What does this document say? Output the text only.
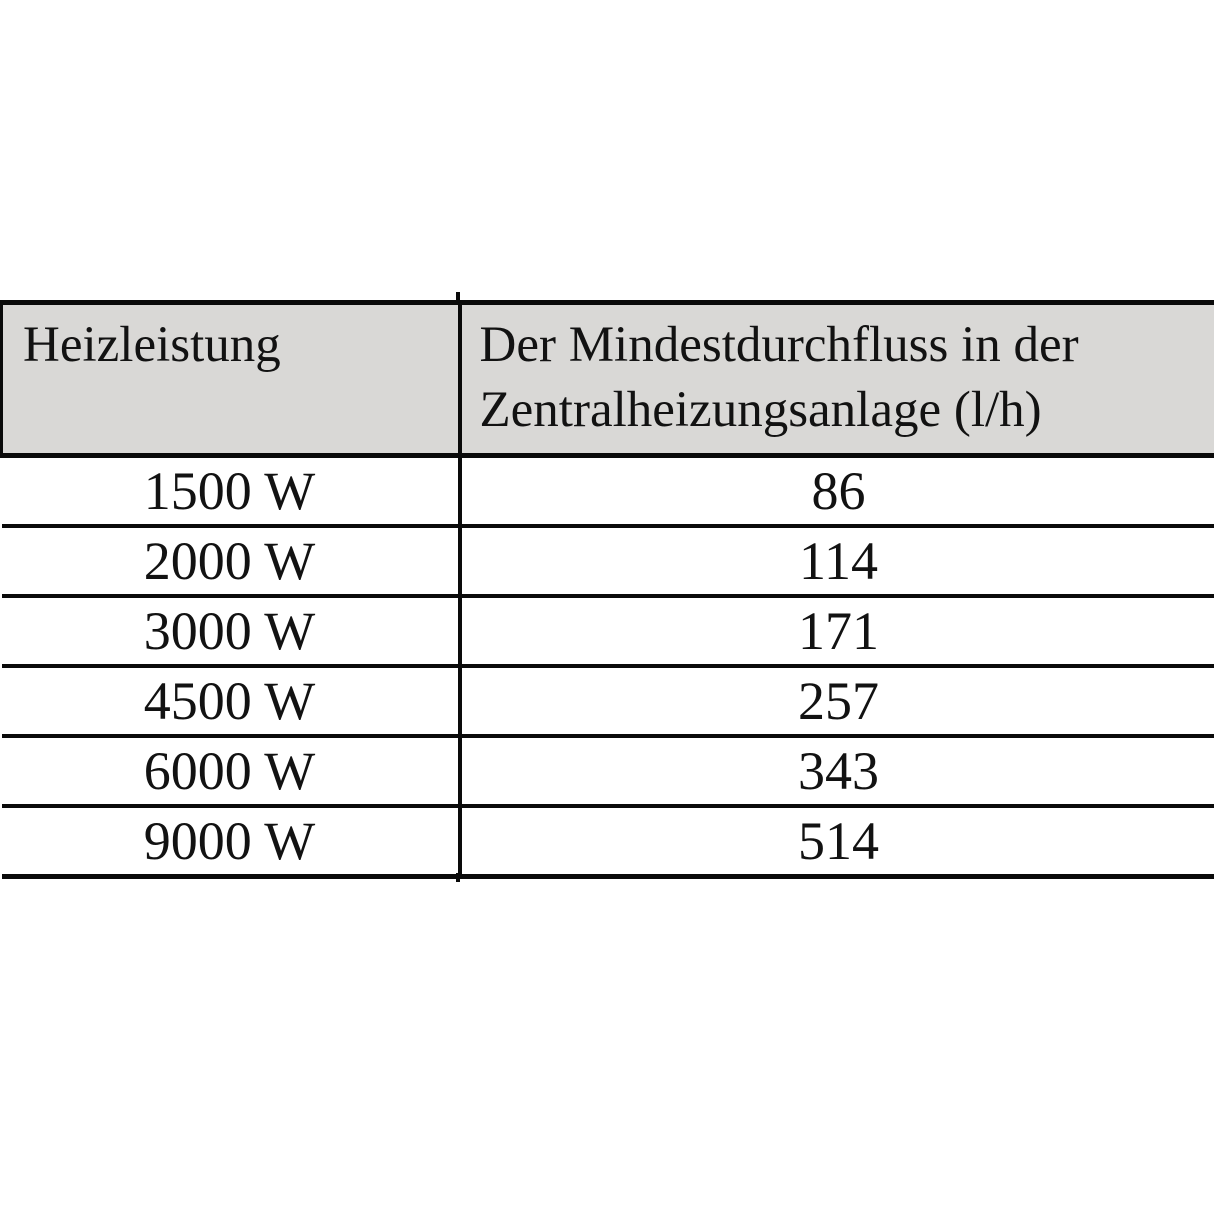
Heizleistung	Der Mindestdurchfluss in der Zentralheizungsanlage (l/h)
1500 W	86
2000 W	114
3000 W	171
4500 W	257
6000 W	343
9000 W	514
